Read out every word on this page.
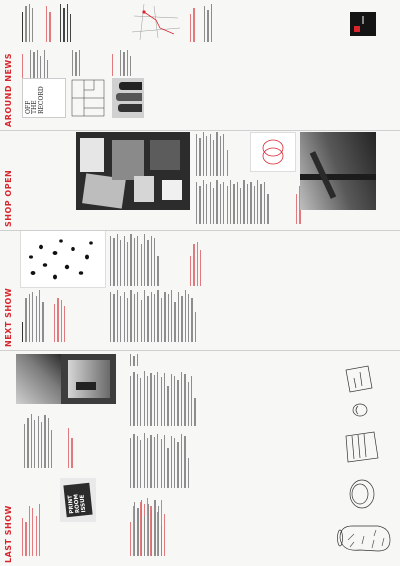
LAST SHOW
PRINT
ROOM
ISSUE
NEXT SHOW
SHOP OPEN
AROUND NEWS OFF
THE
RECORD
